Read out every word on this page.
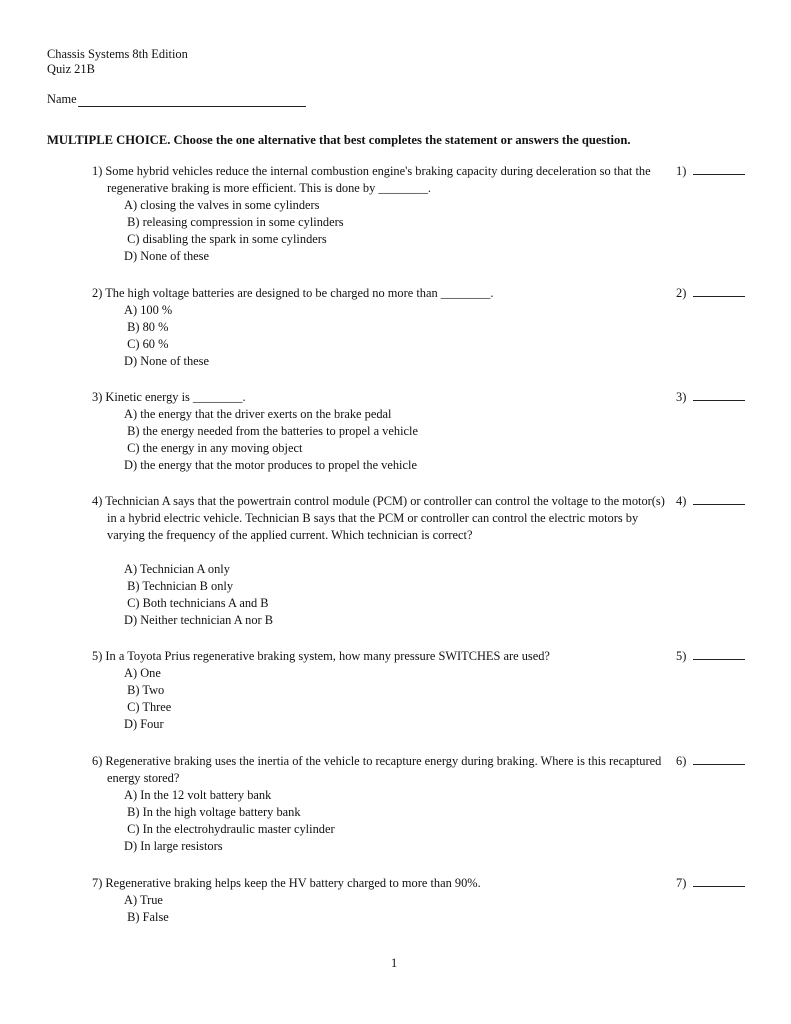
Chassis Systems 8th Edition
Quiz 21B
Name
MULTIPLE CHOICE. Choose the one alternative that best completes the statement or answers the question.
1) Some hybrid vehicles reduce the internal combustion engine's braking capacity during deceleration so that the regenerative braking is more efficient. This is done by ________.
A) closing the valves in some cylinders
B) releasing compression in some cylinders
C) disabling the spark in some cylinders
D) None of these
1)
2) The high voltage batteries are designed to be charged no more than ________.
A) 100 %
B) 80 %
C) 60 %
D) None of these
2)
3) Kinetic energy is ________.
A) the energy that the driver exerts on the brake pedal
B) the energy needed from the batteries to propel a vehicle
C) the energy in any moving object
D) the energy that the motor produces to propel the vehicle
3)
4) Technician A says that the powertrain control module (PCM) or controller can control the voltage to the motor(s) in a hybrid electric vehicle. Technician B says that the PCM or controller can control the electric motors by varying the frequency of the applied current. Which technician is correct?
A) Technician A only
B) Technician B only
C) Both technicians A and B
D) Neither technician A nor B
4)
5) In a Toyota Prius regenerative braking system, how many pressure SWITCHES are used?
A) One
B) Two
C) Three
D) Four
5)
6) Regenerative braking uses the inertia of the vehicle to recapture energy during braking. Where is this recaptured energy stored?
A) In the 12 volt battery bank
B) In the high voltage battery bank
C) In the electrohydraulic master cylinder
D) In large resistors
6)
7) Regenerative braking helps keep the HV battery charged to more than 90%.
A) True
B) False
7)
1
